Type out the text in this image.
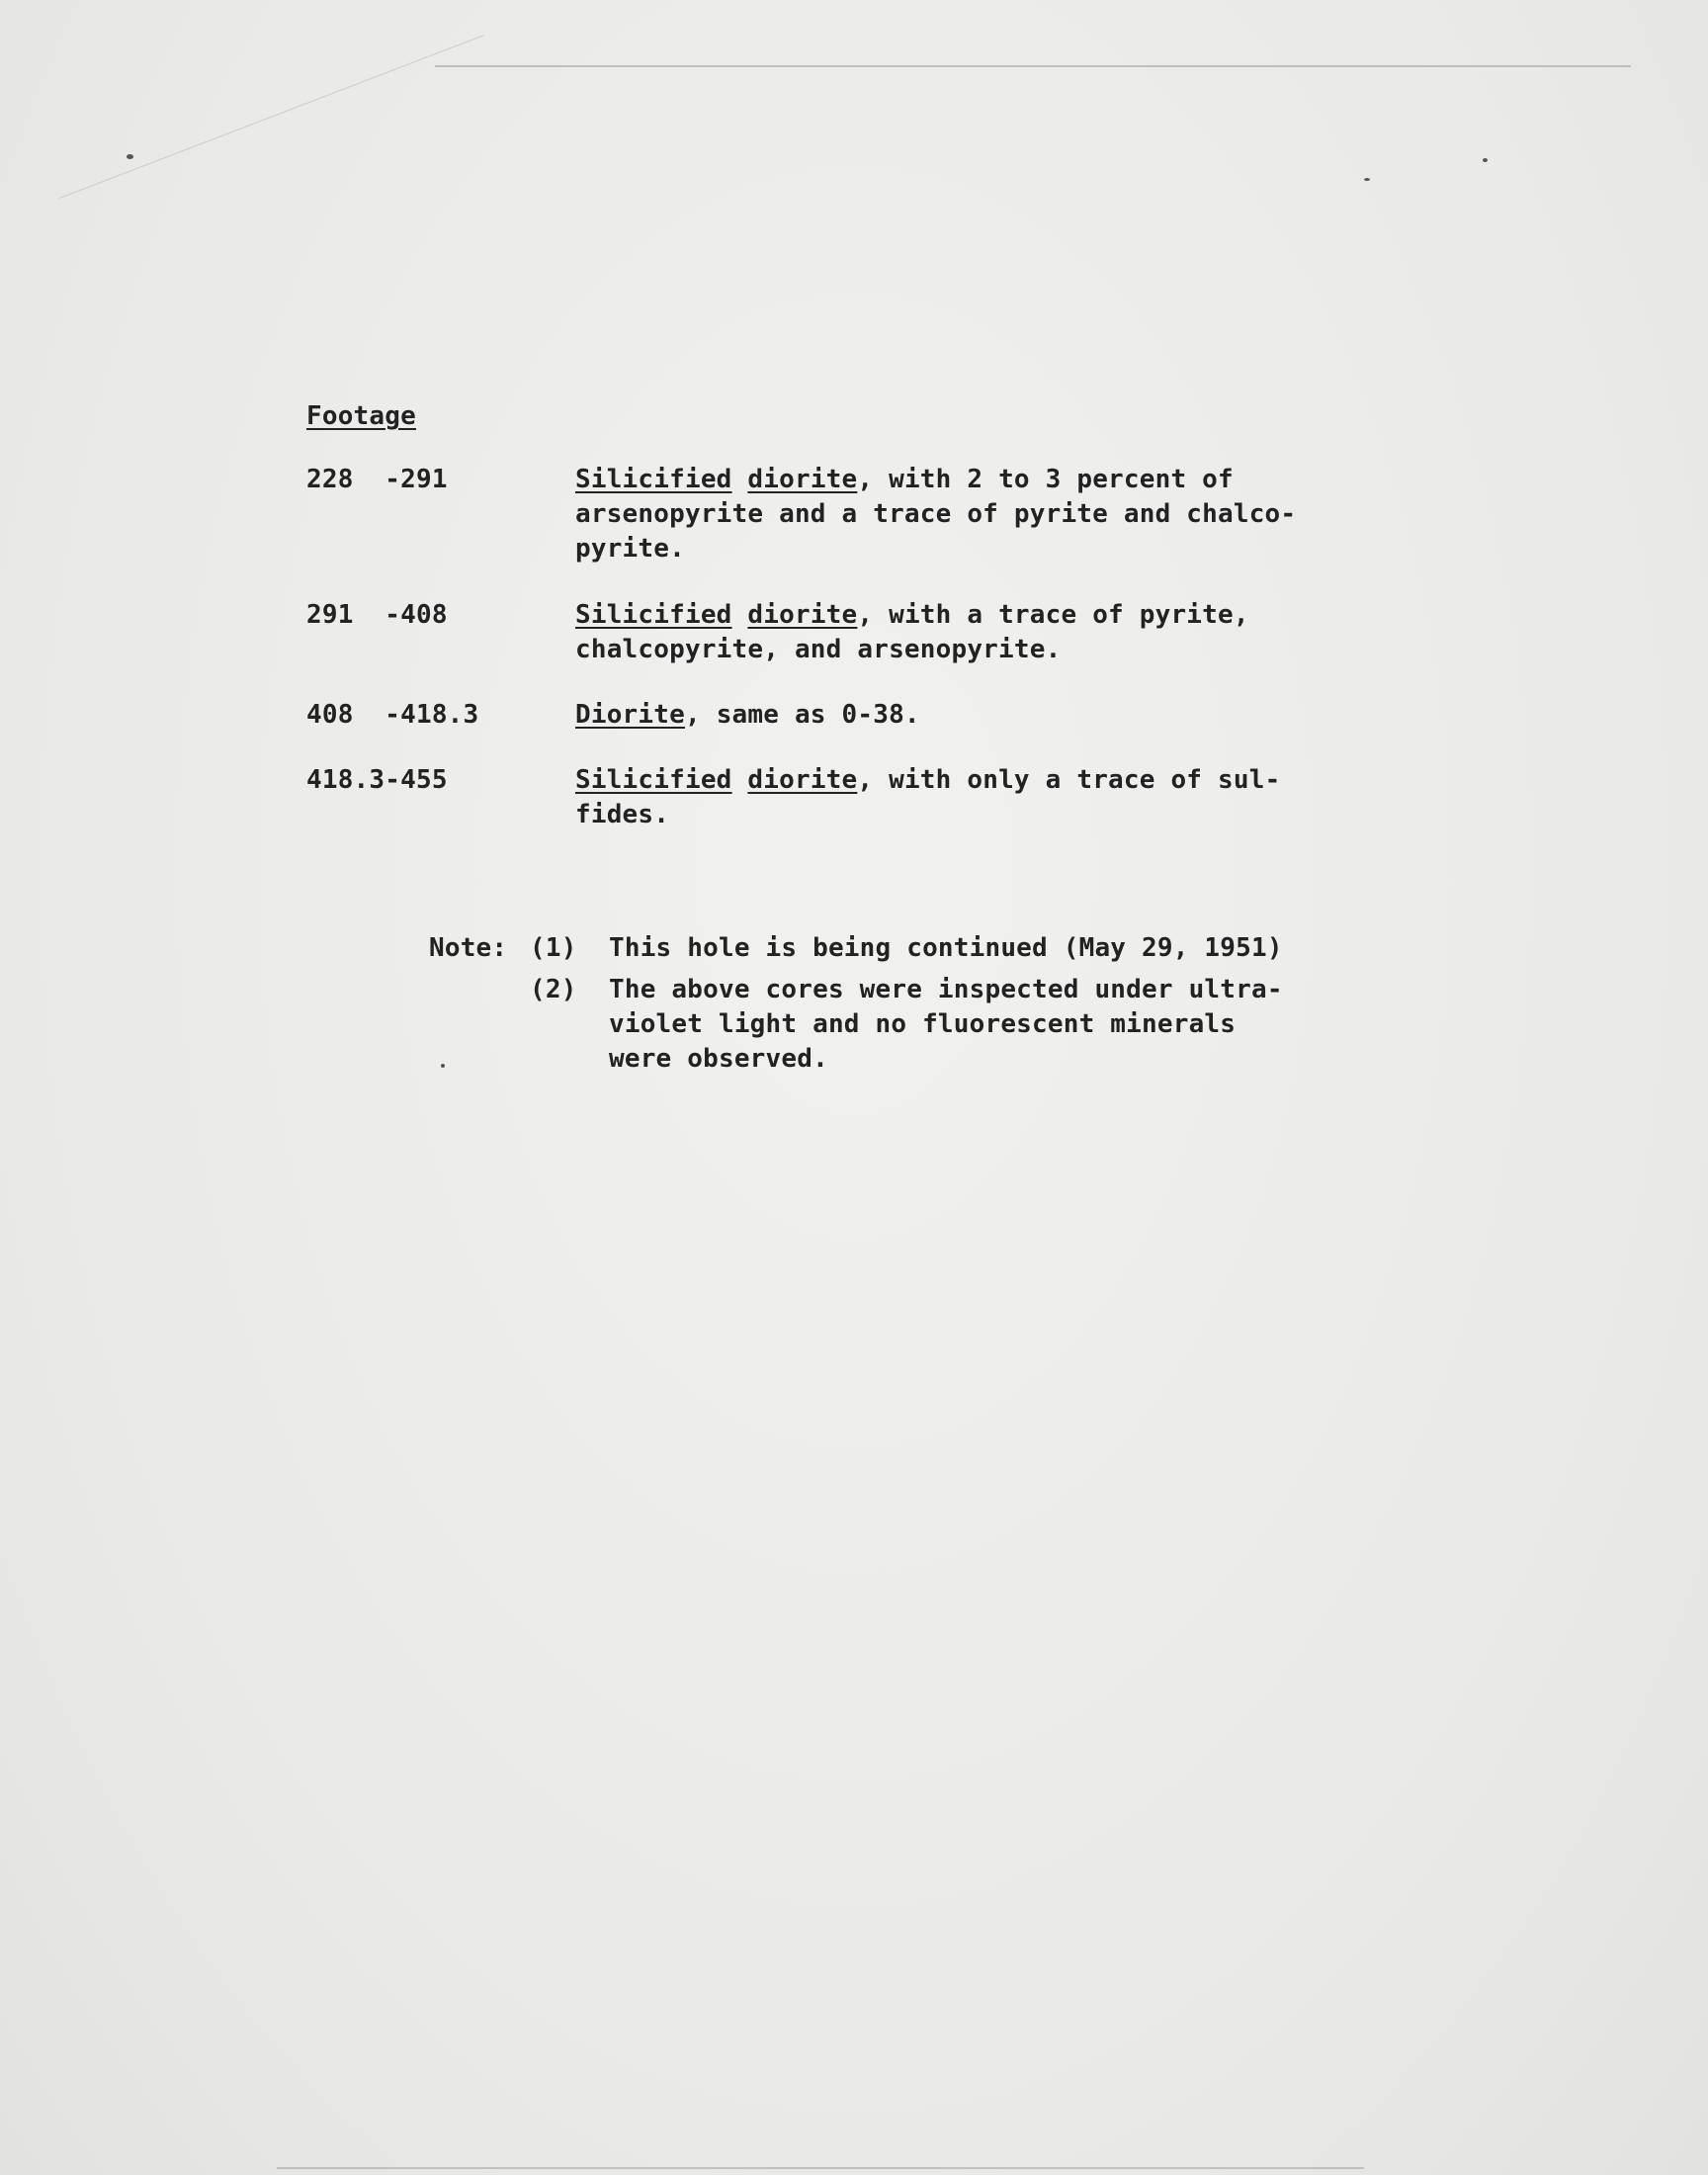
Footage
228  -291	Silicified diorite, with 2 to 3 percent of
arsenopyrite and a trace of pyrite and chalco-
pyrite.
291  -408	Silicified diorite, with a trace of pyrite,
chalcopyrite, and arsenopyrite.
408  -418.3	Diorite, same as 0-38.
418.3-455	Silicified diorite, with only a trace of sul-
fides.
Note: (1) This hole is being continued (May 29, 1951)
(2) The above cores were inspected under ultra-
violet light and no fluorescent minerals
were observed.
